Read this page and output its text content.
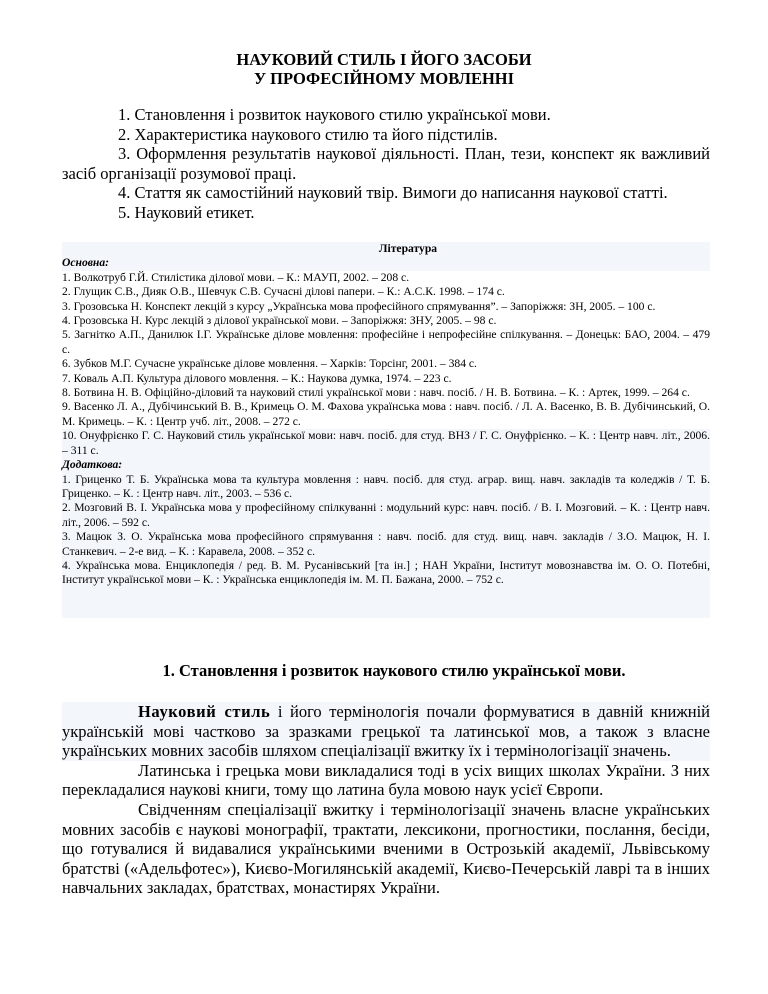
НАУКОВИЙ СТИЛЬ І ЙОГО ЗАСОБИ
У ПРОФЕСІЙНОМУ МОВЛЕННІ

1. Становлення і розвиток наукового стилю української мови.

2. Характеристика наукового стилю та його підстилів.

3. Оформлення результатів наукової діяльності. План, тези, конспект як важливий засіб організації розумової праці.

4. Стаття як самостійний науковий твір. Вимоги до написання наукової статті.

5. Науковий етикет.

Література

Основна:

1. Волкотруб Г.Й. Стилістика ділової мови. – К.: МАУП, 2002. – 208 с.

2. Глущик С.В., Дияк О.В., Шевчук С.В. Сучасні ділові папери. – К.: А.С.К. 1998. – 174 с.

3. Грозовська Н. Конспект лекцій з курсу „Українська мова професійного спрямування”. – Запоріжжя: ЗН, 2005. – 100 с.

4. Грозовська Н. Курс лекцій з ділової української мови. – Запоріжжя: ЗНУ, 2005. – 98 с.

5. Загнітко А.П., Данилюк І.Г. Українське ділове мовлення: професійне і непрофесійне спілкування. – Донецьк: БАО, 2004. – 479 с.

6. Зубков М.Г. Сучасне українське ділове мовлення. – Харків: Торсінг, 2001. – 384 с.

7. Коваль А.П. Культура ділового мовлення. – К.: Наукова думка, 1974. – 223 с.

8. Ботвина Н. В. Офіційно-діловий та науковий стилі української мови : навч. посіб. / Н. В. Ботвина. – К. : Артек, 1999. – 264 с.

9. Васенко Л. А., Дубічинський В. В., Кримець О. М. Фахова українська мова : навч. посіб. / Л. А. Васенко, В. В. Дубічинський, О. М. Кримець. – К. : Центр учб. літ., 2008. – 272 с.

10. Онуфрієнко Г. С. Науковий стиль української мови: навч. посіб. для студ. ВНЗ / Г. С. Онуфрієнко. – К. : Центр навч. літ., 2006. – 311 с.

Додаткова:

1. Гриценко Т. Б. Українська мова та культура мовлення : навч. посіб. для студ. аграр. вищ. навч. закладів та коледжів / Т. Б. Гриценко. – К. : Центр навч. літ., 2003. – 536 с.

2. Мозговий В. І. Українська мова у професійному спілкуванні : модульний курс: навч. посіб. / В. І. Мозговий. – К. : Центр навч. літ., 2006. – 592 с.

3. Мацюк З. О. Українська мова професійного спрямування : навч. посіб. для студ. вищ. навч. закладів / З.О. Мацюк, Н. І. Станкевич. – 2-е вид. – К. : Каравела, 2008. – 352 с.

4. Українська мова. Енциклопедія / ред. В. М. Русанівський [та ін.] ; НАН України, Інститут мовознавства ім. О. О. Потебні, Інститут української мови – К. : Українська енциклопедія ім. М. П. Бажана, 2000. – 752 с.

1. Становлення і розвиток наукового стилю української мови.

Науковий стиль і його термінологія почали формуватися в давній книжній українській мові частково за зразками грецької та латинської мов, а також з власне українських мовних засобів шляхом спеціалізації вжитку їх і термінологізації значень.

Латинська і грецька мови викладалися тоді в усіх вищих школах України. З них перекладалися наукові книги, тому що латина була мовою наук усієї Європи.

Свідченням спеціалізації вжитку і термінологізації значень власне українських мовних засобів є наукові монографії, трактати, лексикони, прогностики, послання, бесіди, що готувалися й видавалися українськими вченими в Острозькій академії, Львівському братстві («Адельфотес»), Києво-Могилянській академії, Києво-Печерській лаврі та в інших навчальних закладах, братствах, монастирях України.
